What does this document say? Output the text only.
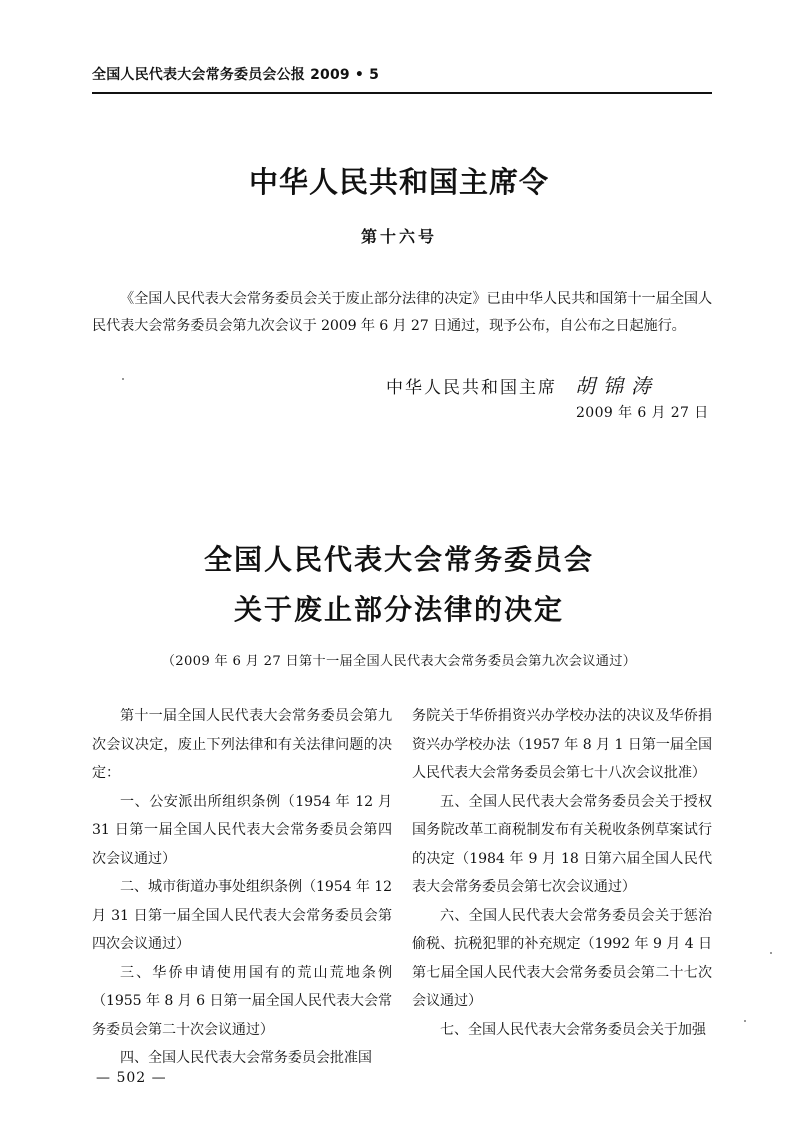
全国人民代表大会常务委员会公报 2009 • 5
中华人民共和国主席令
第十六号
《全国人民代表大会常务委员会关于废止部分法律的决定》已由中华人民共和国第十一届全国人民代表大会常务委员会第九次会议于 2009 年 6 月 27 日通过，现予公布，自公布之日起施行。
中华人民共和国主席 胡锦涛
2009 年 6 月 27 日
全国人民代表大会常务委员会
关于废止部分法律的决定
（2009 年 6 月 27 日第十一届全国人民代表大会常务委员会第九次会议通过）

第十一届全国人民代表大会常务委员会第九次会议决定，废止下列法律和有关法律问题的决定：

一、公安派出所组织条例（1954 年 12 月 31 日第一届全国人民代表大会常务委员会第四次会议通过）

二、城市街道办事处组织条例（1954 年 12 月 31 日第一届全国人民代表大会常务委员会第四次会议通过）

三、华侨申请使用国有的荒山荒地条例（1955 年 8 月 6 日第一届全国人民代表大会常务委员会第二十次会议通过）

四、全国人民代表大会常务委员会批准国

务院关于华侨捐资兴办学校办法的决议及华侨捐资兴办学校办法（1957 年 8 月 1 日第一届全国人民代表大会常务委员会第七十八次会议批准）

五、全国人民代表大会常务委员会关于授权国务院改革工商税制发布有关税收条例草案试行的决定（1984 年 9 月 18 日第六届全国人民代表大会常务委员会第七次会议通过）

六、全国人民代表大会常务委员会关于惩治偷税、抗税犯罪的补充规定（1992 年 9 月 4 日第七届全国人民代表大会常务委员会第二十七次会议通过）

七、全国人民代表大会常务委员会关于加强

— 502 —
